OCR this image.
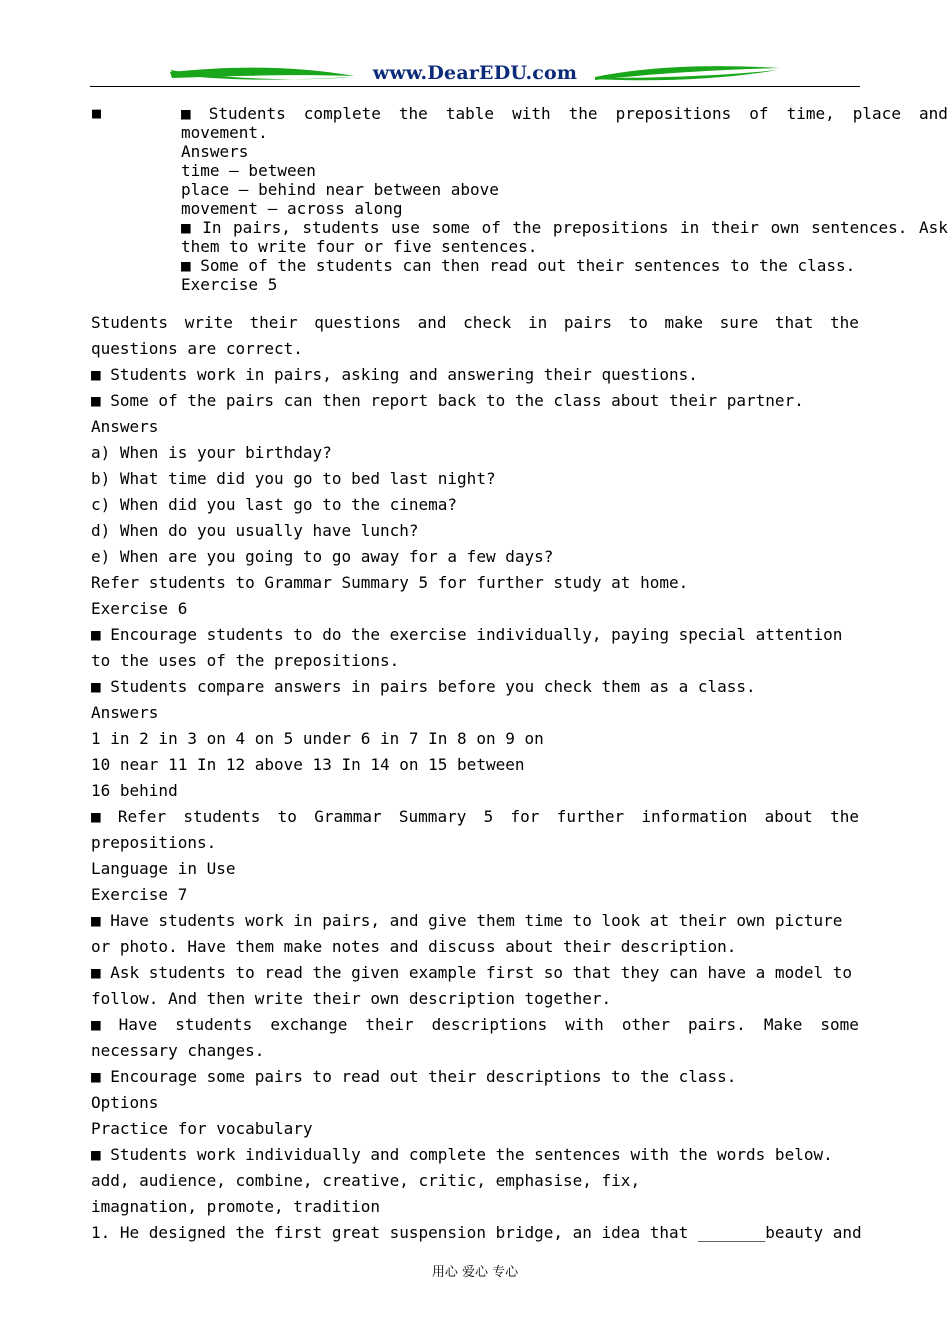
www.DearEDU.com
■	■ Students complete the table with the prepositions of time, place and
movement.
Answers
time – between
place – behind near between above
movement – across along
■ In pairs, students use some of the prepositions in their own sentences. Ask
them to write four or five sentences.
■ Some of the students can then read out their sentences to the class.
Exercise 5
Students write their questions and check in pairs to make sure that the
questions are correct.
■ Students work in pairs, asking and answering their questions.
■ Some of the pairs can then report back to the class about their partner.
Answers
a) When is your birthday?
b) What time did you go to bed last night?
c) When did you last go to the cinema?
d) When do you usually have lunch?
e) When are you going to go away for a few days?
Refer students to Grammar Summary 5 for further study at home.
Exercise 6
■ Encourage students to do the exercise individually, paying special attention
to the uses of the prepositions.
■ Students compare answers in pairs before you check them as a class.
Answers
1 in 2 in 3 on 4 on 5 under 6 in 7 In 8 on 9 on
10 near 11 In 12 above 13 In 14 on 15 between
16 behind
■ Refer students to Grammar Summary 5 for further information about the
prepositions.
Language in Use
Exercise 7
■ Have students work in pairs, and give them time to look at their own picture
or photo. Have them make notes and discuss about their description.
■ Ask students to read the given example first so that they can have a model to
follow. And then write their own description together.
■ Have students exchange their descriptions with other pairs. Make some
necessary changes.
■ Encourage some pairs to read out their descriptions to the class.
Options
Practice for vocabulary
■ Students work individually and complete the sentences with the words below.
add, audience, combine, creative, critic, emphasise, fix,
imagnation, promote, tradition
1. He designed the first great suspension bridge, an idea that _______beauty and
用心 爱心 专心
